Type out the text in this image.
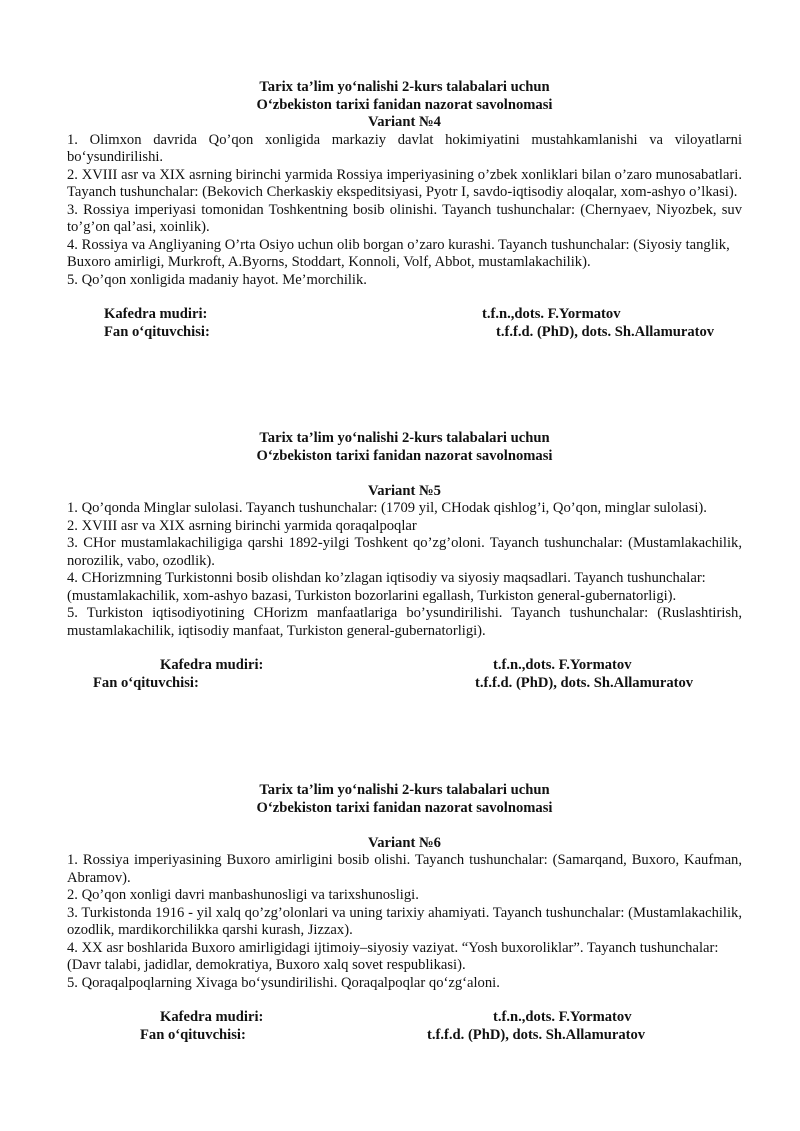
Tarix ta’lim yo‘nalishi 2-kurs talabalari uchun
O‘zbekiston tarixi fanidan nazorat savolnomasi
Variant №4
1. Olimxon davrida Qo’qon xonligida markaziy davlat hokimiyatini mustahkamlanishi va viloyatlarni bo‘ysundirilishi.
2. XVIII asr va XIX asrning birinchi yarmida Rossiya imperiyasining o’zbek xonliklari bilan o’zaro munosabatlari. Tayanch tushunchalar: (Bekovich Cherkaskiy ekspeditsiyasi, Pyotr I, savdo-iqtisodiy aloqalar, xom-ashyo o’lkasi).
3. Rossiya imperiyasi tomonidan Toshkentning bosib olinishi. Tayanch tushunchalar: (Chernyaev, Niyozbek, suv to’g’on qal’asi, xoinlik).
4. Rossiya va Angliyaning O’rta Osiyo uchun olib borgan o’zaro kurashi. Tayanch tushunchalar: (Siyosiy tanglik, Buxoro amirligi, Murkroft, A.Byorns, Stoddart, Konnoli, Volf, Abbot, mustamlakachilik).
5. Qo’qon xonligida madaniy hayot. Me’morchilik.
Kafedra mudiri:	t.f.n.,dots. F.Yormatov
Fan o‘qituvchisi:	t.f.f.d. (PhD), dots. Sh.Allamuratov
Tarix ta’lim yo‘nalishi 2-kurs talabalari uchun
O‘zbekiston tarixi fanidan nazorat savolnomasi
Variant №5
1. Qo’qonda Minglar sulolasi. Tayanch tushunchalar: (1709 yil, CHodak qishlog’i, Qo’qon, minglar sulolasi).
2. XVIII asr va XIX asrning birinchi yarmida qoraqalpoqlar
3. CHor mustamlakachiligiga qarshi 1892-yilgi Toshkent qo’zg’oloni. Tayanch tushunchalar: (Mustamlakachilik, norozilik, vabo, ozodlik).
4. CHorizmning Turkistonni bosib olishdan ko’zlagan iqtisodiy va siyosiy maqsadlari. Tayanch tushunchalar: (mustamlakachilik, xom-ashyo bazasi, Turkiston bozorlarini egallash, Turkiston general-gubernatorligi).
5. Turkiston iqtisodiyotining CHorizm manfaatlariga bo’ysundirilishi. Tayanch tushunchalar: (Ruslashtirish, mustamlakachilik, iqtisodiy manfaat, Turkiston general-gubernatorligi).
Kafedra mudiri:	t.f.n.,dots. F.Yormatov
Fan o‘qituvchisi:	t.f.f.d. (PhD), dots. Sh.Allamuratov
Tarix ta’lim yo‘nalishi 2-kurs talabalari uchun
O‘zbekiston tarixi fanidan nazorat savolnomasi
Variant №6
1. Rossiya imperiyasining Buxoro amirligini bosib olishi. Tayanch tushunchalar: (Samarqand, Buxoro, Kaufman, Abramov).
2. Qo’qon xonligi davri manbashunosligi va tarixshunosligi.
3. Turkistonda 1916 - yil xalq qo’zg’olonlari va uning tarixiy ahamiyati. Tayanch tushunchalar: (Mustamlakachilik, ozodlik, mardikorchilikka qarshi kurash, Jizzax).
4. XX asr boshlarida Buxoro amirligidagi ijtimoiy–siyosiy vaziyat. “Yosh buxoroliklar”. Tayanch tushunchalar: (Davr talabi, jadidlar, demokratiya, Buxoro xalq sovet respublikasi).
5. Qoraqalpoqlarning Xivaga bo‘ysundirilishi. Qoraqalpoqlar qo‘zg‘aloni.
Kafedra mudiri:	t.f.n.,dots. F.Yormatov
Fan o‘qituvchisi:	t.f.f.d. (PhD), dots. Sh.Allamuratov
